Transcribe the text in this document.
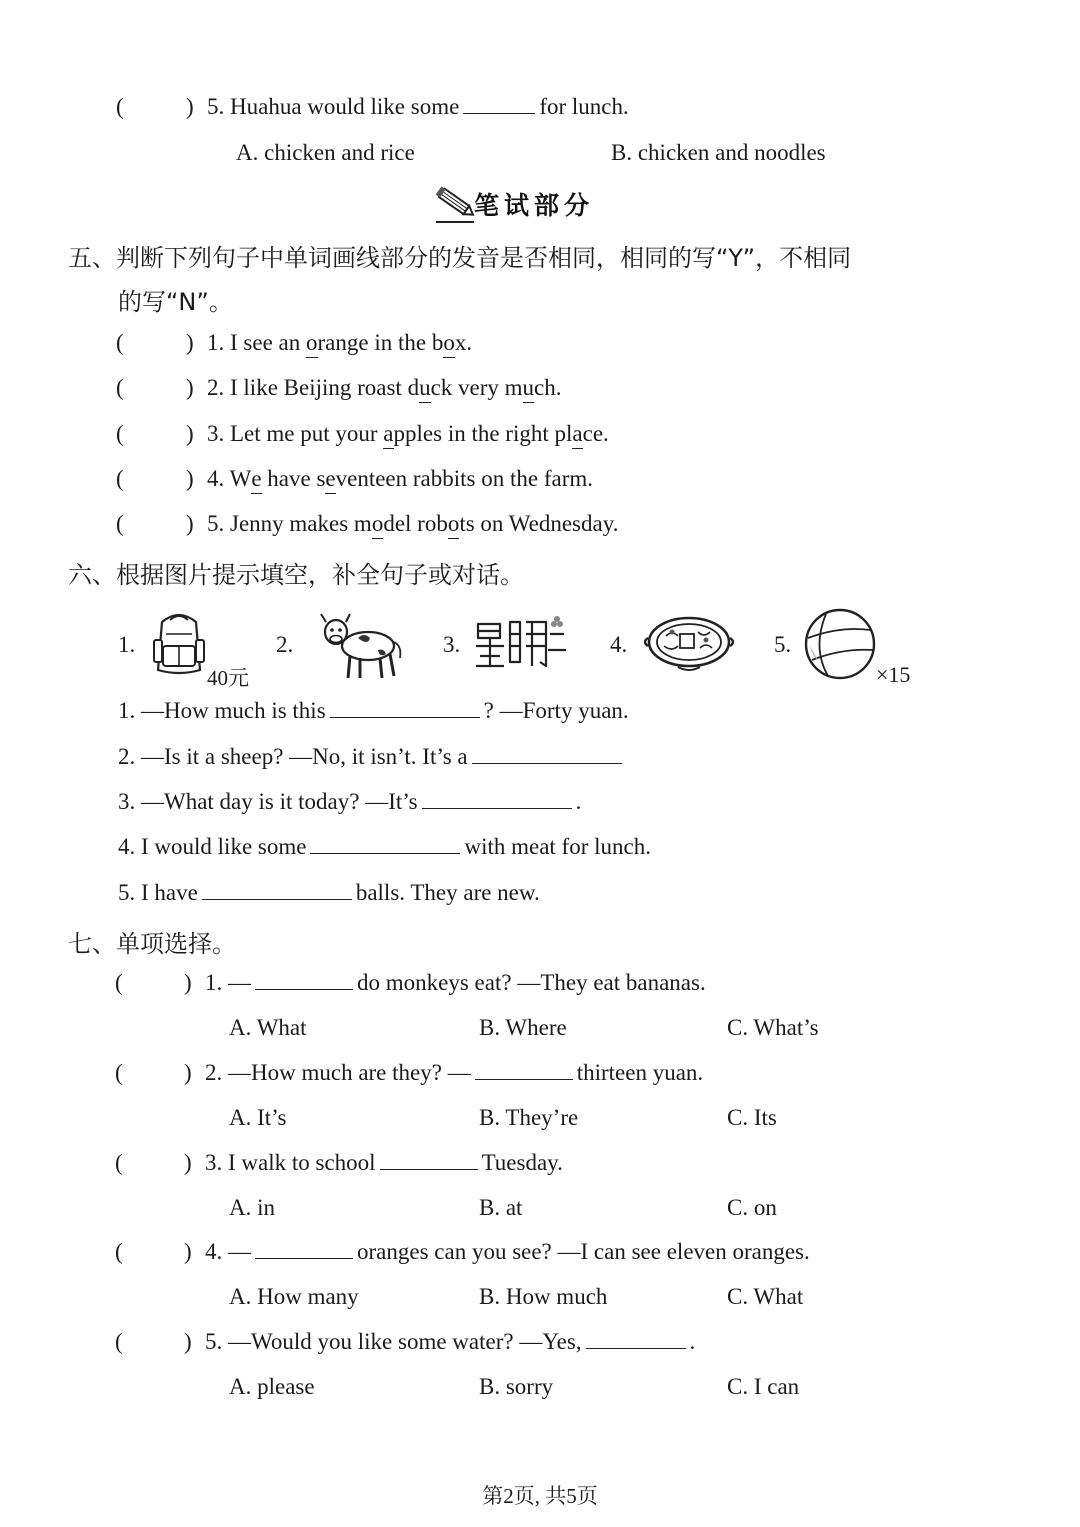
(	) 5. Huahua would like some	for lunch.
A. chicken and rice	B. chicken and noodles
笔试部分
五、判断下列句子中单词画线部分的发音是否相同，相同的写“Y”，不相同
的写“N”。
(	) 1. I see an orange in the box.
(	) 2. I like Beijing roast duck very much.
(	) 3. Let me put your apples in the right place.
(	) 4. We have seventeen rabbits on the farm.
(	) 5. Jenny makes model robots on Wednesday.
六、根据图片提示填空，补全句子或对话。
1.
40元
2.	3.	4.	5.
×15
1. —How much is this	? —Forty yuan.
2. —Is it a sheep? —No, it isn’t. It’s a
3. —What day is it today? —It’s	.
4. I would like some	with meat for lunch.
5. I have	balls. They are new.
七、单项选择。
(	) 1. —	do monkeys eat? —They eat bananas.
A. What	B. Where	C. What’s
(	) 2. —How much are they? —	thirteen yuan.
A. It’s	B. They’re	C. Its
(	) 3. I walk to school	Tuesday.
A. in	B. at	C. on
(	) 4. —	oranges can you see? —I can see eleven oranges.
A. How many	B. How much	C. What
(	) 5. —Would you like some water? —Yes,	.
A. please	B. sorry	C. I can
第2页, 共5页
